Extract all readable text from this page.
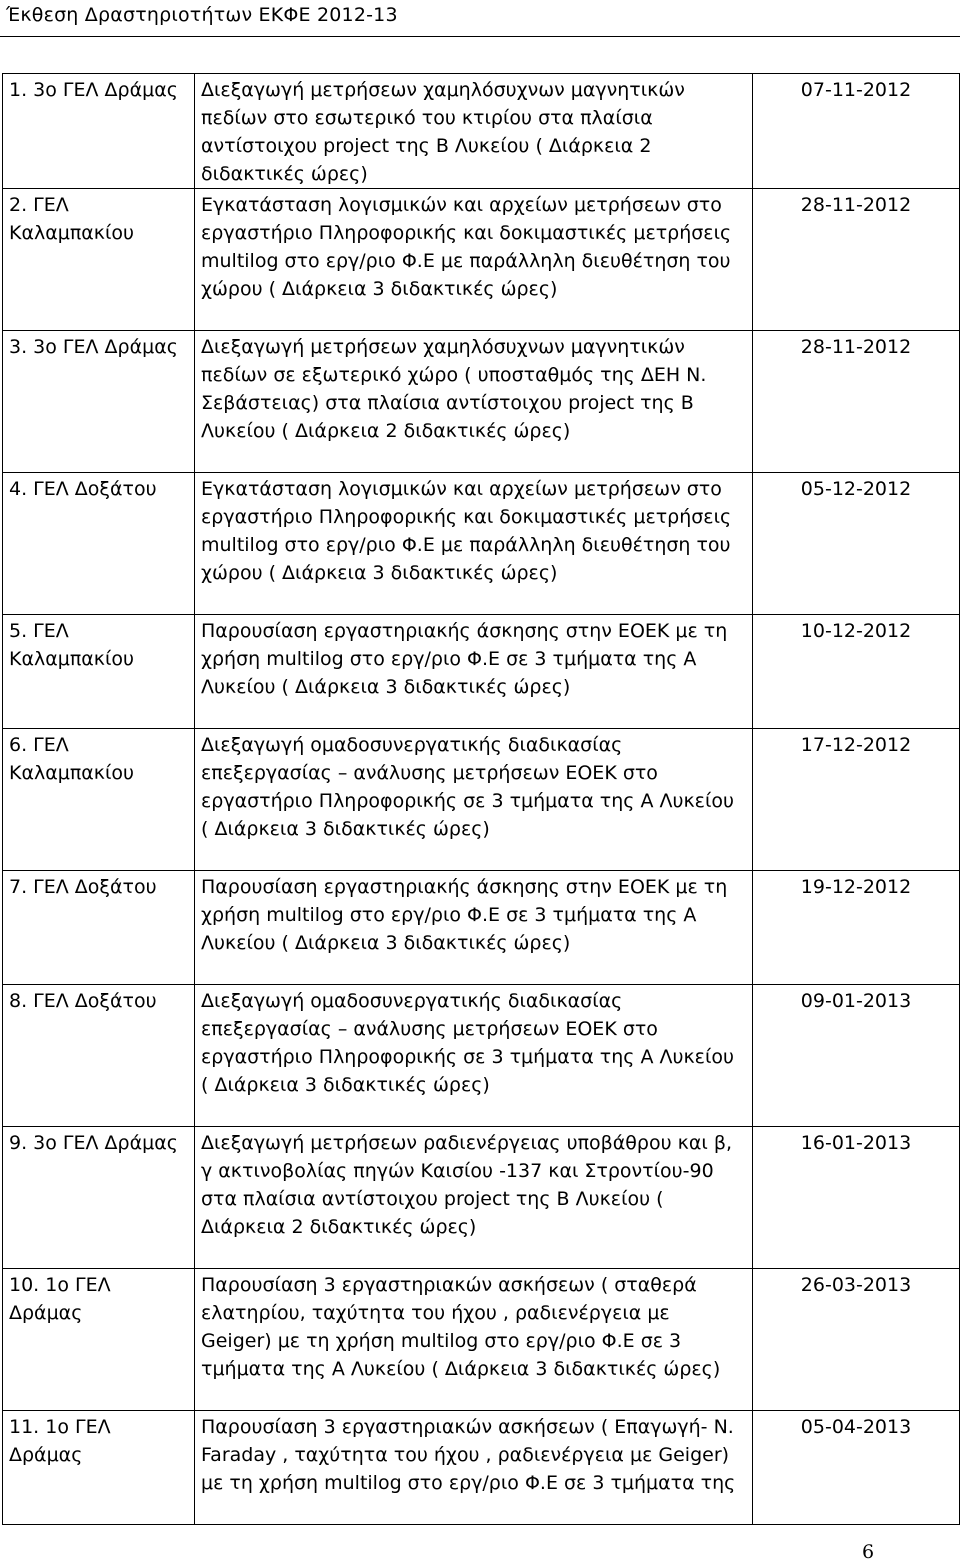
Έκθεση Δραστηριοτήτων ΕΚΦΕ 2012-13
1. 3ο ΓΕΛ Δράμας	Διεξαγωγή μετρήσεων χαμηλόσυχνων μαγνητικών πεδίων στο εσωτερικό του κτιρίου στα πλαίσια αντίστοιχου project της Β Λυκείου ( Διάρκεια 2 διδακτικές ώρες)	07-11-2012
2. ΓΕΛ Καλαμπακίου	Εγκατάσταση λογισμικών και αρχείων μετρήσεων στο εργαστήριο Πληροφορικής και δοκιμαστικές μετρήσεις multilog στο εργ/ριο Φ.Ε με παράλληλη διευθέτηση του χώρου ( Διάρκεια 3 διδακτικές ώρες)	28-11-2012
3. 3ο ΓΕΛ Δράμας	Διεξαγωγή μετρήσεων χαμηλόσυχνων μαγνητικών πεδίων σε εξωτερικό χώρο ( υποσταθμός της ΔΕΗ Ν. Σεβάστειας) στα πλαίσια αντίστοιχου project της Β Λυκείου ( Διάρκεια 2 διδακτικές ώρες)	28-11-2012
4. ΓΕΛ Δοξάτου	Εγκατάσταση λογισμικών και αρχείων μετρήσεων στο εργαστήριο Πληροφορικής και δοκιμαστικές μετρήσεις multilog στο εργ/ριο Φ.Ε με παράλληλη διευθέτηση του χώρου ( Διάρκεια 3 διδακτικές ώρες)	05-12-2012
5. ΓΕΛ Καλαμπακίου	Παρουσίαση εργαστηριακής άσκησης στην ΕΟΕΚ με τη χρήση multilog στο εργ/ριο Φ.Ε σε 3 τμήματα της Α Λυκείου ( Διάρκεια 3 διδακτικές ώρες)	10-12-2012
6. ΓΕΛ Καλαμπακίου	Διεξαγωγή ομαδοσυνεργατικής διαδικασίας επεξεργασίας – ανάλυσης μετρήσεων ΕΟΕΚ στο εργαστήριο Πληροφορικής σε 3 τμήματα της Α Λυκείου ( Διάρκεια 3 διδακτικές ώρες)	17-12-2012
7. ΓΕΛ Δοξάτου	Παρουσίαση εργαστηριακής άσκησης στην ΕΟΕΚ με τη χρήση multilog στο εργ/ριο Φ.Ε σε 3 τμήματα της Α Λυκείου ( Διάρκεια 3 διδακτικές ώρες)	19-12-2012
8. ΓΕΛ Δοξάτου	Διεξαγωγή ομαδοσυνεργατικής διαδικασίας επεξεργασίας – ανάλυσης μετρήσεων ΕΟΕΚ στο εργαστήριο Πληροφορικής σε 3 τμήματα της Α Λυκείου ( Διάρκεια 3 διδακτικές ώρες)	09-01-2013
9. 3ο ΓΕΛ Δράμας	Διεξαγωγή μετρήσεων ραδιενέργειας υποβάθρου και β, γ ακτινοβολίας πηγών Καισίου -137 και Στροντίου-90 στα πλαίσια αντίστοιχου project της Β Λυκείου ( Διάρκεια 2 διδακτικές ώρες)	16-01-2013
10. 1ο ΓΕΛ Δράμας	Παρουσίαση 3 εργαστηριακών ασκήσεων ( σταθερά ελατηρίου, ταχύτητα του ήχου , ραδιενέργεια με Geiger) με τη χρήση multilog στο εργ/ριο Φ.Ε σε 3 τμήματα της Α Λυκείου ( Διάρκεια 3 διδακτικές ώρες)	26-03-2013
11. 1ο ΓΕΛ Δράμας	Παρουσίαση 3 εργαστηριακών ασκήσεων ( Επαγωγή- Ν. Faraday , ταχύτητα του ήχου , ραδιενέργεια με Geiger) με τη χρήση multilog στο εργ/ριο Φ.Ε σε 3 τμήματα της	05-04-2013
6
